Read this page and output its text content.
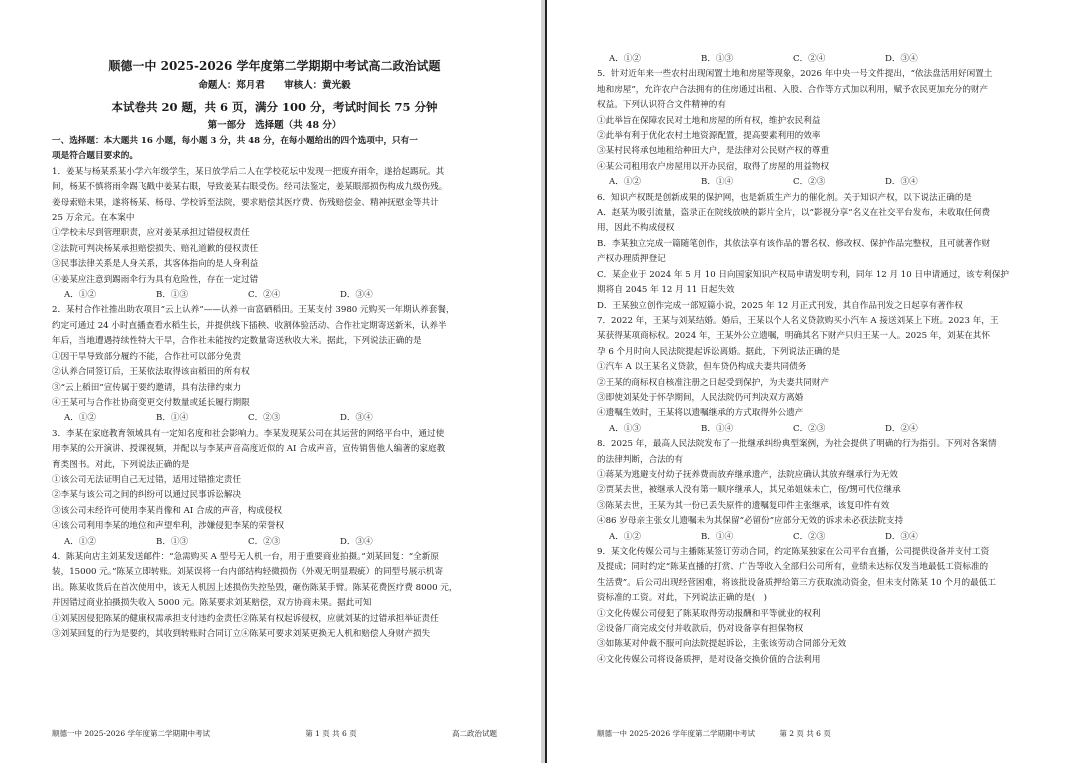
顺德一中 2025-2026 学年度第二学期期中考试高二政治试题
命题人：郑月君 审核人：黄光毅
本试卷共 20 题，共 6 页，满分 100 分，考试时间长 75 分钟
第一部分　选择题（共 48 分）
一、选择题：本大题共 16 小题，每小题 3 分，共 48 分，在每小题给出的四个选项中，只有一
项是符合题目要求的。
1．姜某与杨某系某小学六年级学生，某日放学后二人在学校花坛中发现一把废弃雨伞，遂拾起踢玩。其
间，杨某不慎将雨伞踢飞戳中姜某右眼，导致姜某右眼受伤。经司法鉴定，姜某眼部损伤构成九级伤残。
姜母索赔未果，遂将杨某、杨母、学校诉至法院，要求赔偿其医疗费、伤残赔偿金、精神抚慰金等共计
25 万余元。在本案中
①学校未尽到管理职责，应对姜某承担过错侵权责任
②法院可判决杨某承担赔偿损失、赔礼道歉的侵权责任
③民事法律关系是人身关系，其客体指向的是人身利益
④姜某应注意到踢雨伞行为具有危险性，存在一定过错
A．①②	B．①③	C．②④	D．③④
2．某村合作社推出助农项目“云上认养”——认养一亩富硒稻田。王某支付 3980 元购买一年期认养套餐，
约定可通过 24 小时直播查看水稻生长，并提供线下插秧、收割体验活动、合作社定期寄送新米，认养半
年后，当地遭遇持续性特大干旱，合作社未能按约定数量寄送秋收大米。据此，下列说法正确的是
①因干旱导致部分履约不能，合作社可以部分免责
②认养合同签订后，王某依法取得该亩稻田的所有权
③“云上稻田”宣传属于要约邀请，具有法律约束力
④王某可与合作社协商变更交付数量或延长履行期限
A．①②	B．①④	C．②③	D．③④
3．李某在家庭教育领域具有一定知名度和社会影响力。李某发现某公司在其运营的网络平台中，通过使
用李某的公开演讲、授课视频，并配以与李某声音高度近似的 AI 合成声音，宣传销售他人编著的家庭教
育类图书。对此，下列说法正确的是
①该公司无法证明自己无过错，适用过错推定责任
②李某与该公司之间的纠纷可以通过民事诉讼解决
③该公司未经许可使用李某肖像和 AI 合成的声音，构成侵权
④该公司利用李某的地位和声望牟利，涉嫌侵犯李某的荣誉权
A．①②	B．①③	C．②③	D．③④
4．陈某向店主刘某发送邮件：“急需购买 A 型号无人机一台，用于重要商业拍摄。”刘某回复：“全新原
装，15000 元。”陈某立即转账。刘某误将一台内部结构轻微损伤（外观无明显瑕疵）的同型号展示机寄
出。陈某收货后在首次使用中，该无人机因上述损伤失控坠毁，砸伤陈某手臂。陈某花费医疗费 8000 元，
并因错过商业拍摄损失收入 5000 元。陈某要求刘某赔偿，双方协商未果。据此可知
①刘某因侵犯陈某的健康权需承担支付违约金责任②陈某有权起诉侵权，应就刘某的过错承担举证责任
③刘某回复的行为是要约，其收到转账时合同订立④陈某可要求刘某更换无人机和赔偿人身财产损失
顺德一中 2025-2026 学年度第二学期期中考试	第 1 页 共 6 页	高二政治试题
A．①②	B．①③	C．②④	D．③④
5．针对近年来一些农村出现闲置土地和房屋等现象，2026 年中央一号文件提出，“依法盘活用好闲置土
地和房屋”，允许农户合法拥有的住房通过出租、入股、合作等方式加以利用，赋予农民更加充分的财产
权益。下列认识符合文件精神的有
①此举旨在保障农民对土地和房屋的所有权，维护农民利益
②此举有利于优化农村土地资源配置，提高要素利用的效率
③某村民将承包地租给种田大户，是法律对公民财产权的尊重
④某公司租用农户房屋用以开办民宿，取得了房屋的用益物权
A．①②	B．①④	C．②③	D．③④
6．知识产权既是创新成果的保护网，也是新质生产力的催化剂。关于知识产权，以下说法正确的是
A．赵某为吸引流量，盗录正在院线放映的影片全片，以“影视分享”名义在社交平台发布，未收取任何费
用，因此不构成侵权
B．李某独立完成一篇随笔创作，其依法享有该作品的署名权、修改权、保护作品完整权，且可就著作财
产权办理质押登记
C．某企业于 2024 年 5 月 10 日向国家知识产权局申请发明专利，同年 12 月 10 日申请通过，该专利保护
期将自 2045 年 12 月 11 日起失效
D．王某独立创作完成一部短篇小说，2025 年 12 月正式刊发，其自作品刊发之日起享有著作权
7．2022 年，王某与刘某结婚。婚后，王某以个人名义贷款购买小汽车 A 接送刘某上下班。2023 年，王
某获得某项商标权。2024 年，王某外公立遗嘱，明确其名下财产只归王某一人。2025 年，刘某在其怀
孕 6 个月时向人民法院提起诉讼离婚。据此，下列说法正确的是
①汽车 A 以王某名义贷款，但车贷仍构成夫妻共同债务
②王某的商标权自核准注册之日起受到保护，为夫妻共同财产
③即使刘某处于怀孕期间，人民法院仍可判决双方离婚
④遗嘱生效时，王某将以遗嘱继承的方式取得外公遗产
A．①③	B．①④	C．②③	D．②④
8．2025 年，最高人民法院发布了一批继承纠纷典型案例，为社会提供了明确的行为指引。下列对各案情
的法律判断，合法的有
①蒋某为逃避支付幼子抚养费而放弃继承遗产，法院应确认其放弃继承行为无效
②贾某去世，被继承人没有第一顺序继承人，其兄弟姐妹未亡，侄/甥可代位继承
③陈某去世，王某为其一份已丢失原件的遗嘱复印件主张继承，该复印件有效
④86 岁母亲主张女儿遗嘱未为其保留“必留份”应部分无效的诉求未必获法院支持
A．①②	B．①④	C．②③	D．③④
9．某文化传媒公司与主播陈某签订劳动合同，约定陈某独家在公司平台直播，公司提供设备并支付工资
及提成；同时约定“陈某直播的打赏、广告等收入全部归公司所有，业绩未达标仅发当地最低工资标准的
生活费”。后公司出现经营困难，将该批设备质押给第三方获取流动资金，但未支付陈某 10 个月的最低工
资标准的工资。对此，下列说法正确的是(　)
①文化传媒公司侵犯了陈某取得劳动报酬和平等就业的权利
②设备厂商完成交付并收款后，仍对设备享有担保物权
③如陈某对仲裁不服可向法院提起诉讼，主张该劳动合同部分无效
④文化传媒公司将设备质押，是对设备交换价值的合法利用
顺德一中 2025-2026 学年度第二学期期中考试	第 2 页 共 6 页
